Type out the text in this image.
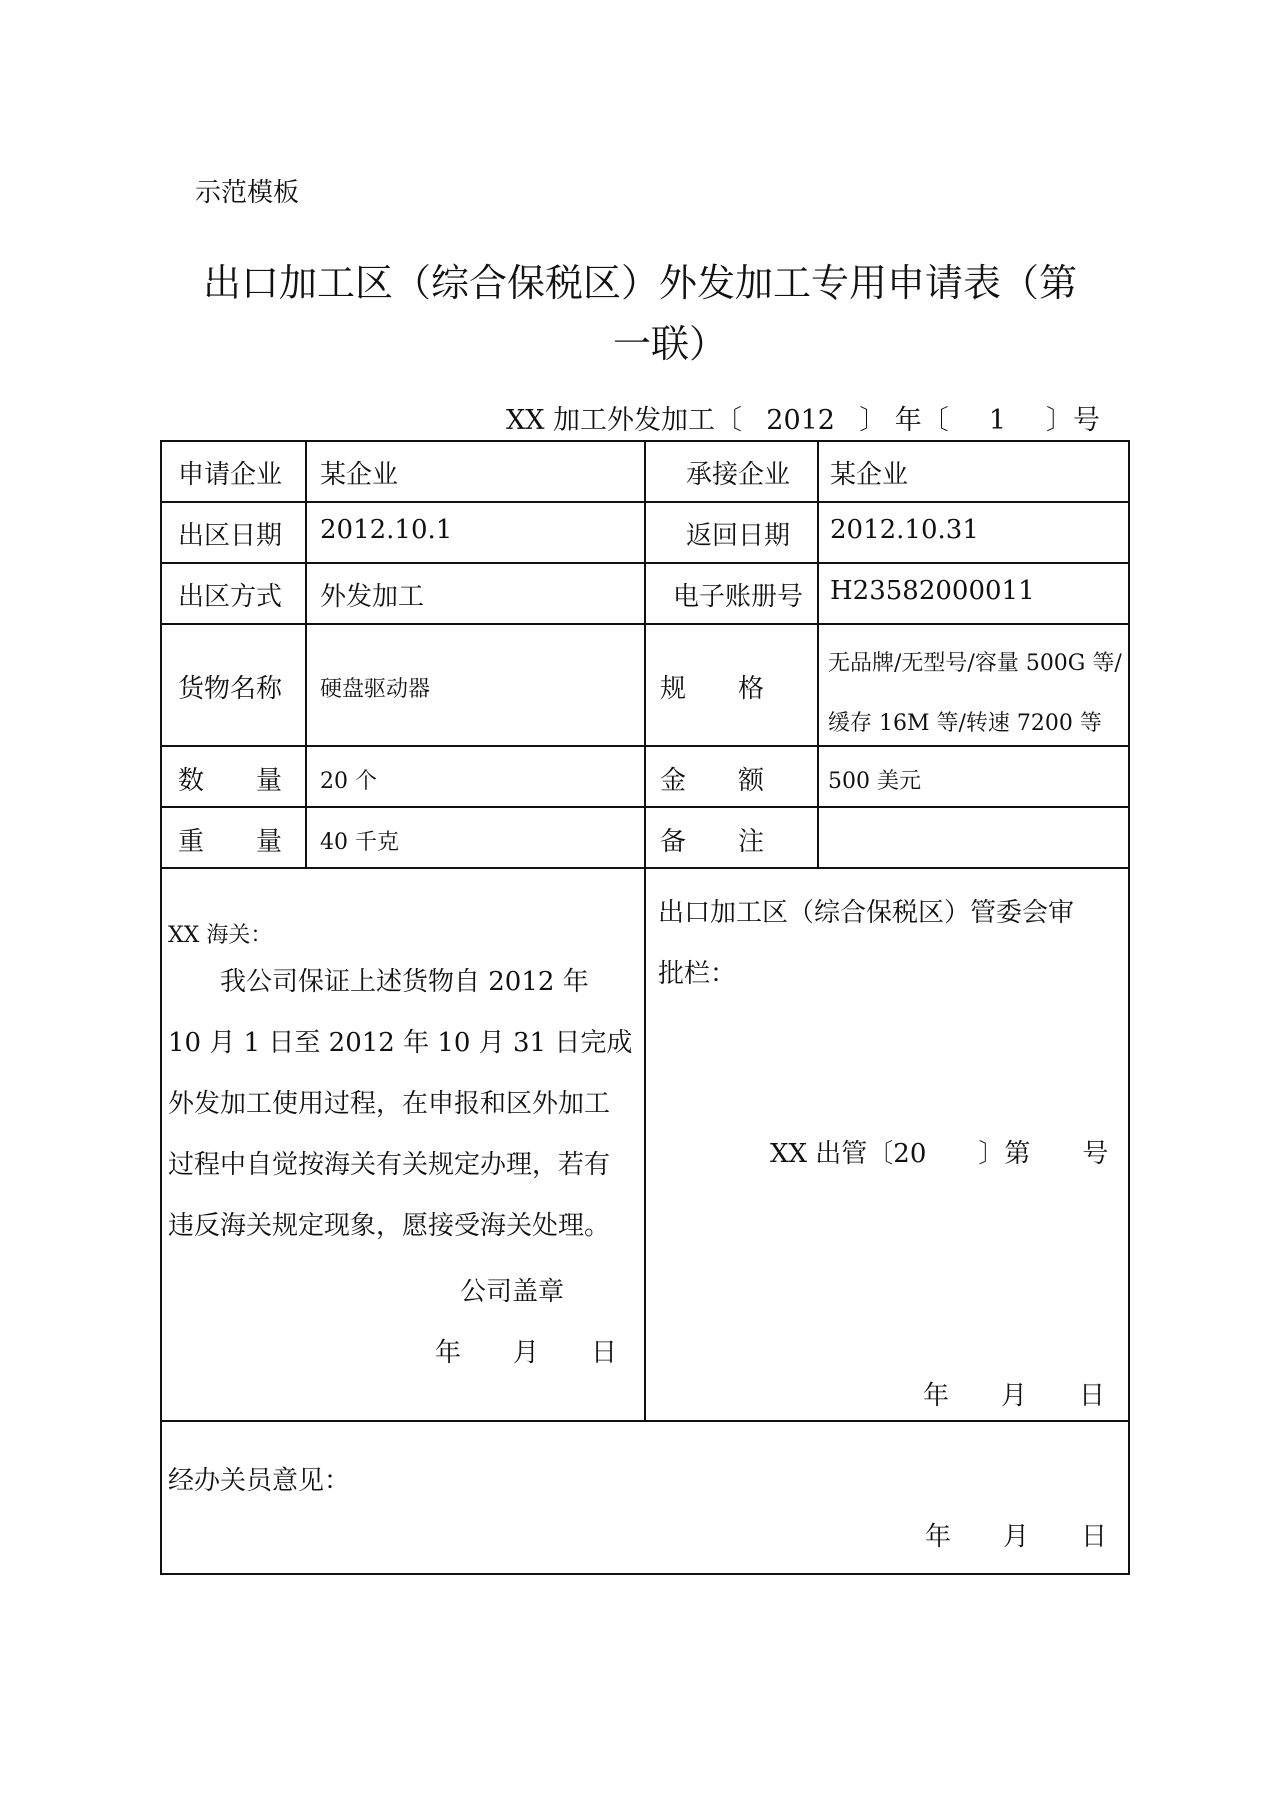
示范模板
出口加工区（综合保税区）外发加工专用申请表（第
一联）
XX 加工外发加工〔 2012 〕 年〔 1 〕号
申请企业 某企业	承接企业	某企业
出区日期 2012.10.1	返回日期	2012.10.31
出区方式 外发加工	电子账册号	H23582000011
货物名称 硬盘驱动器	规　　格
无品牌/无型号/容量 500G 等/
缓存 16M 等/转速 7200 等
数　　量 20 个	金　　额	500 美元
重　　量 40 千克	备　　注
XX 海关：
我公司保证上述货物自 2012 年
10 月 1 日至 2012 年 10 月 31 日完成
外发加工使用过程，在申报和区外加工
过程中自觉按海关有关规定办理，若有
违反海关规定现象，愿接受海关处理。
公司盖章
年　　月　　日
出口加工区（综合保税区）管委会审
批栏：
XX 出管〔20　　〕第　　号
年　　月　　日
经办关员意见：
年　　月　　日
